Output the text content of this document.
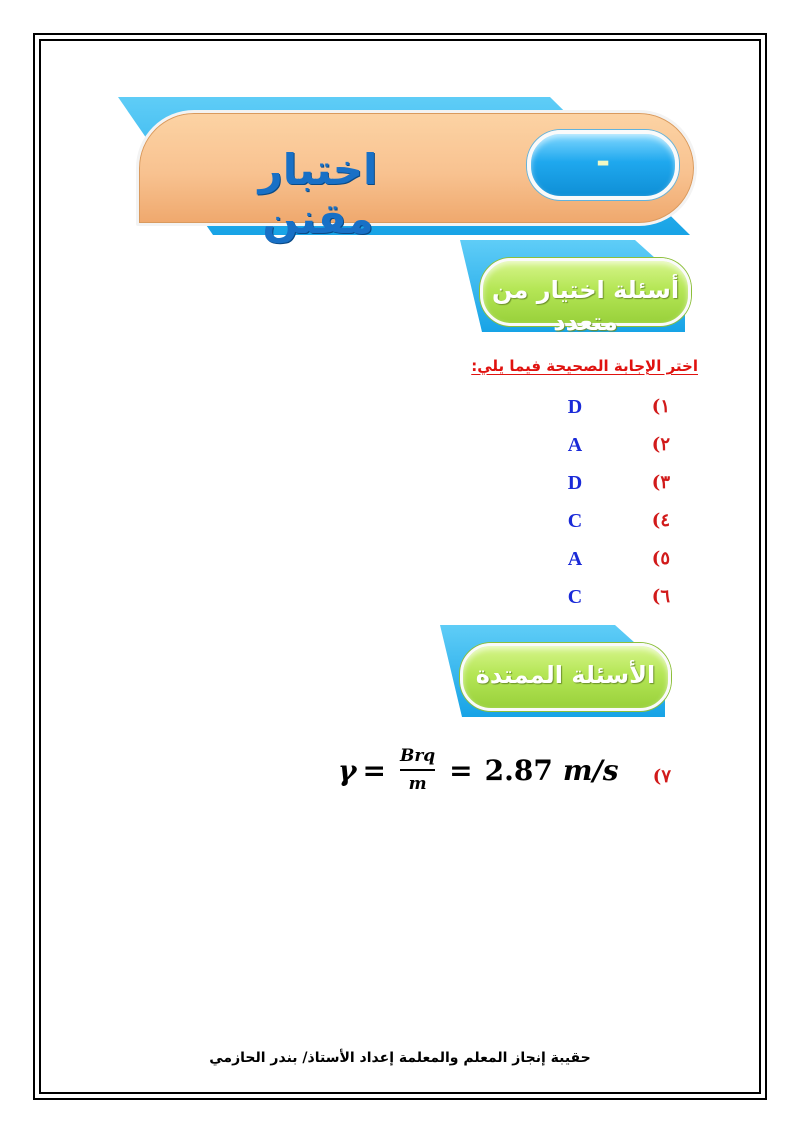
اختبار مقنن
-
أسئلة اختيار من متعدد
اختر الإجابة الصحيحة فيما يلي:
١)
D
٢)
A
٣)
D
٤)
C
٥)
A
٦)
C
الأسئلة الممتدة
٧)
$\gamma = \frac{\text{Brq}}{m} = 2.87$ m/s
حقيبة إنجاز المعلم والمعلمة إعداد الأستاذ/ بندر الحازمي
